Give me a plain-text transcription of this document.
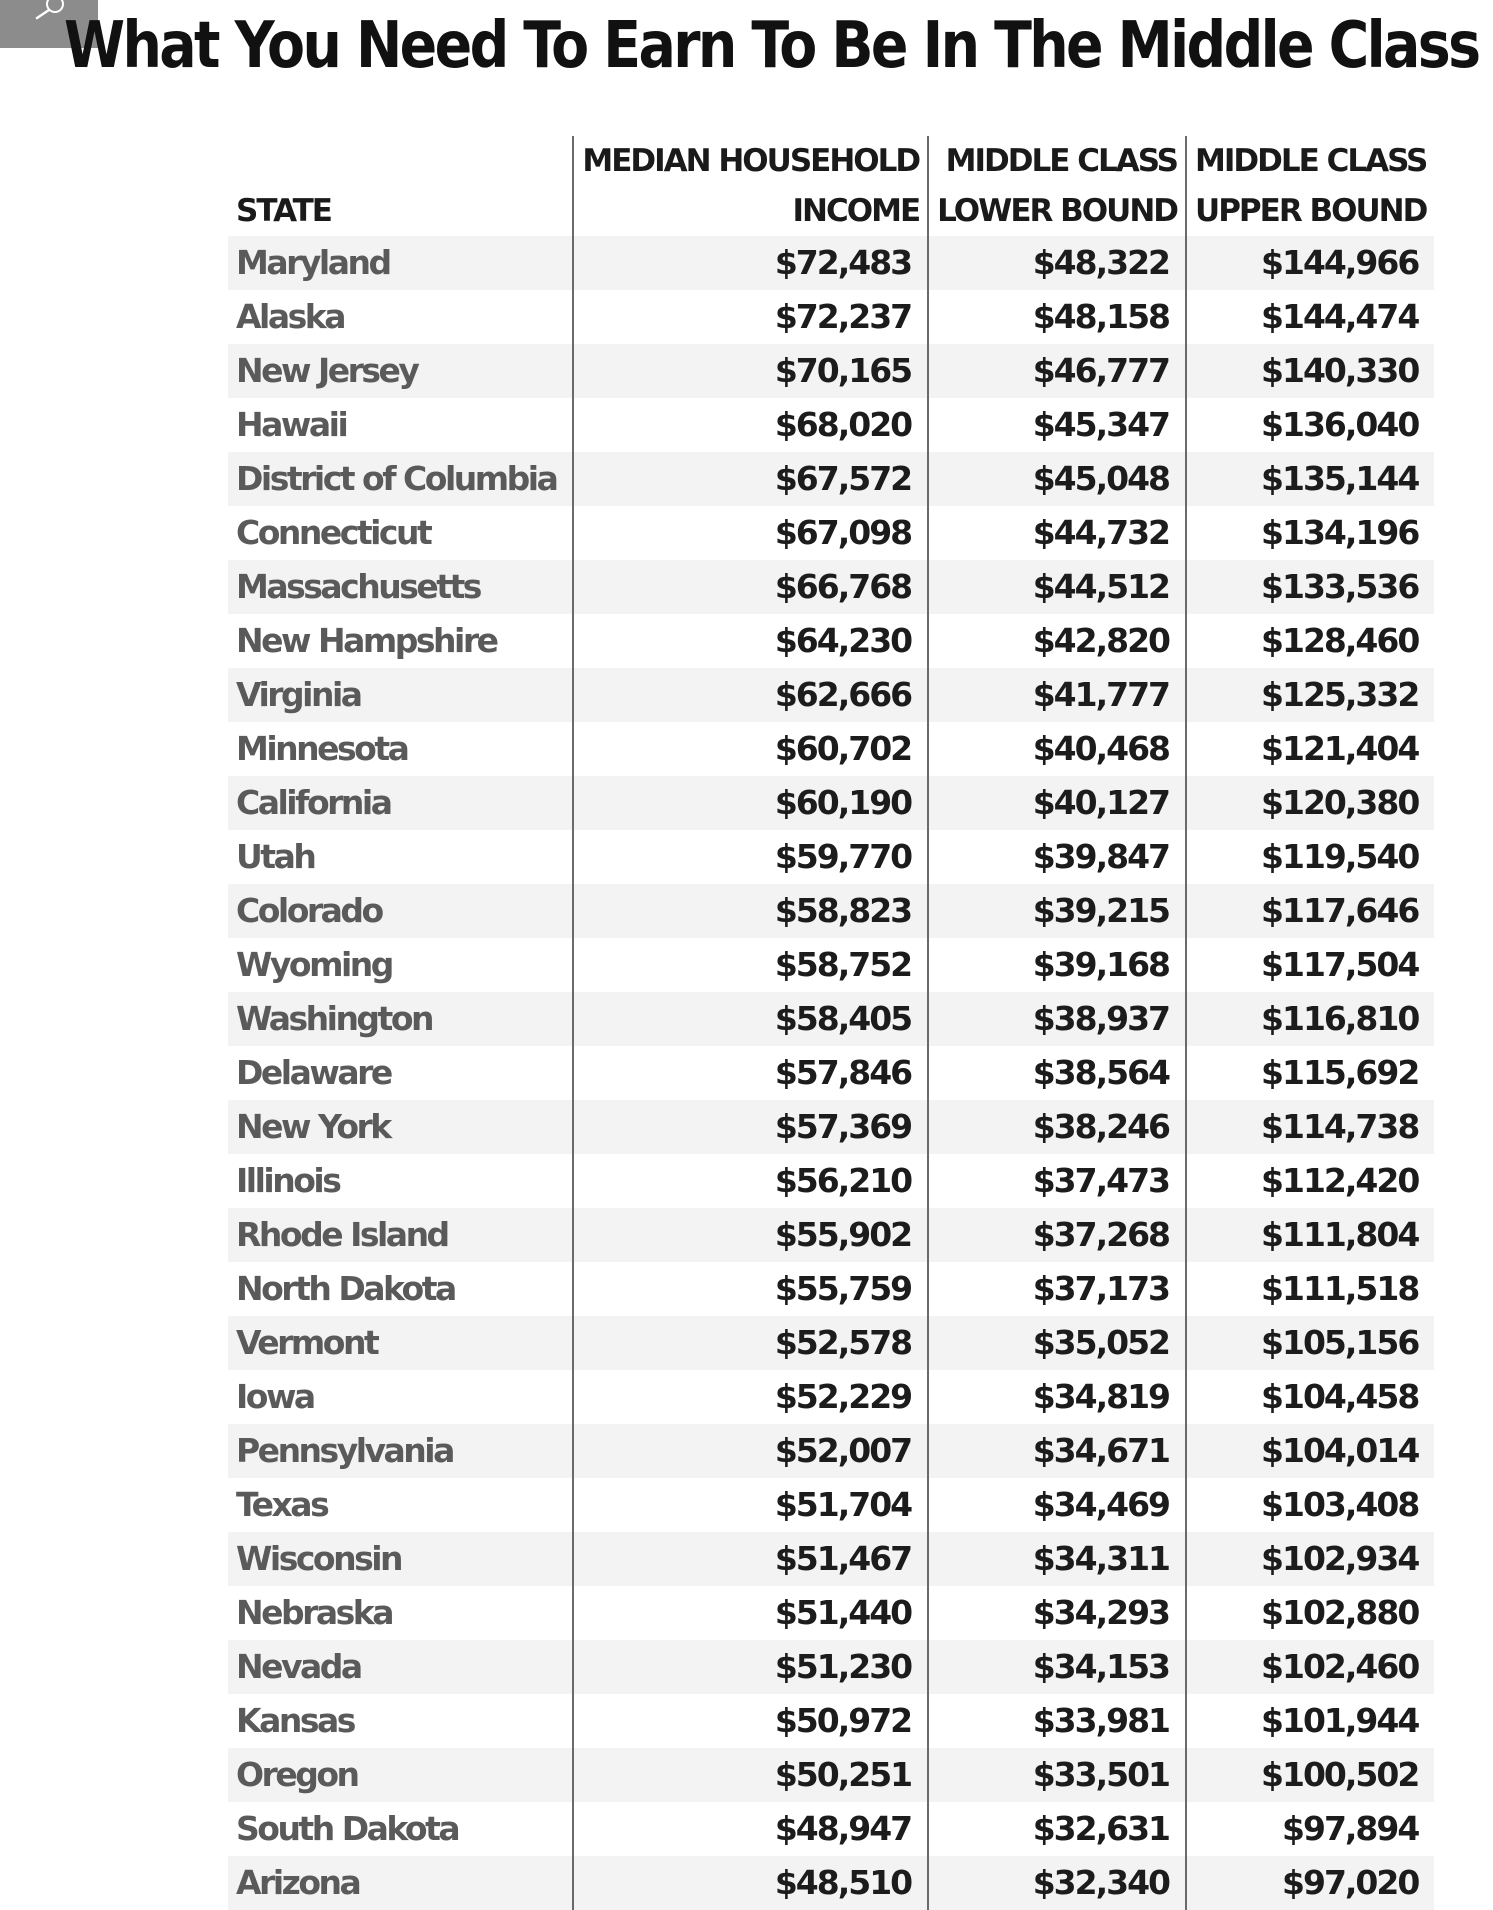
What You Need To Earn To Be In The Middle Class
	MEDIAN HOUSEHOLD	MIDDLE CLASS	MIDDLE CLASS
STATE	INCOME	LOWER BOUND	UPPER BOUND
Maryland	$72,483	$48,322	$144,966
Alaska	$72,237	$48,158	$144,474
New Jersey	$70,165	$46,777	$140,330
Hawaii	$68,020	$45,347	$136,040
District of Columbia	$67,572	$45,048	$135,144
Connecticut	$67,098	$44,732	$134,196
Massachusetts	$66,768	$44,512	$133,536
New Hampshire	$64,230	$42,820	$128,460
Virginia	$62,666	$41,777	$125,332
Minnesota	$60,702	$40,468	$121,404
California	$60,190	$40,127	$120,380
Utah	$59,770	$39,847	$119,540
Colorado	$58,823	$39,215	$117,646
Wyoming	$58,752	$39,168	$117,504
Washington	$58,405	$38,937	$116,810
Delaware	$57,846	$38,564	$115,692
New York	$57,369	$38,246	$114,738
Illinois	$56,210	$37,473	$112,420
Rhode Island	$55,902	$37,268	$111,804
North Dakota	$55,759	$37,173	$111,518
Vermont	$52,578	$35,052	$105,156
Iowa	$52,229	$34,819	$104,458
Pennsylvania	$52,007	$34,671	$104,014
Texas	$51,704	$34,469	$103,408
Wisconsin	$51,467	$34,311	$102,934
Nebraska	$51,440	$34,293	$102,880
Nevada	$51,230	$34,153	$102,460
Kansas	$50,972	$33,981	$101,944
Oregon	$50,251	$33,501	$100,502
South Dakota	$48,947	$32,631	$97,894
Arizona	$48,510	$32,340	$97,020
